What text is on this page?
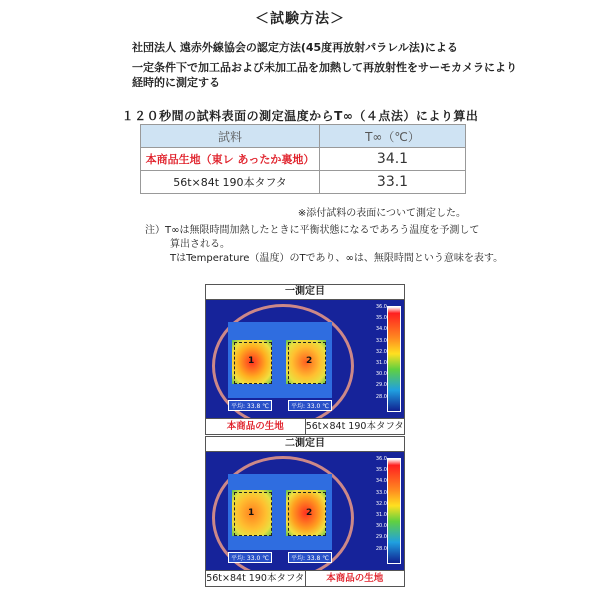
＜試験方法＞
社団法人 遠赤外線協会の認定方法(45度再放射パラレル法)による
一定条件下で加工品および未加工品を加熱して再放射性をサーモカメラにより
経時的に測定する
１２０秒間の試料表面の測定温度からT∞（４点法）により算出
試料	T∞（℃）
本商品生地（東レ あったか裏地）	34.1
56t×84t 190本タフタ	33.1
※添付試料の表面について測定した。
注）T∞は無限時間加熱したときに平衡状態になるであろう温度を予測して
算出される。
TはTemperature（温度）のTであり、∞は、無限時間という意味を表す。
一測定目
1	2
平均: 33.8 ℃	平均: 33.0 ℃
36.0
35.0
34.0
33.0
32.0
31.0
30.0
29.0
28.0
本商品の生地	56t×84t 190本タフタ
二測定目
1	2
平均: 33.0 ℃	平均: 33.8 ℃
36.0
35.0
34.0
33.0
32.0
31.0
30.0
29.0
28.0
56t×84t 190本タフタ	本商品の生地
